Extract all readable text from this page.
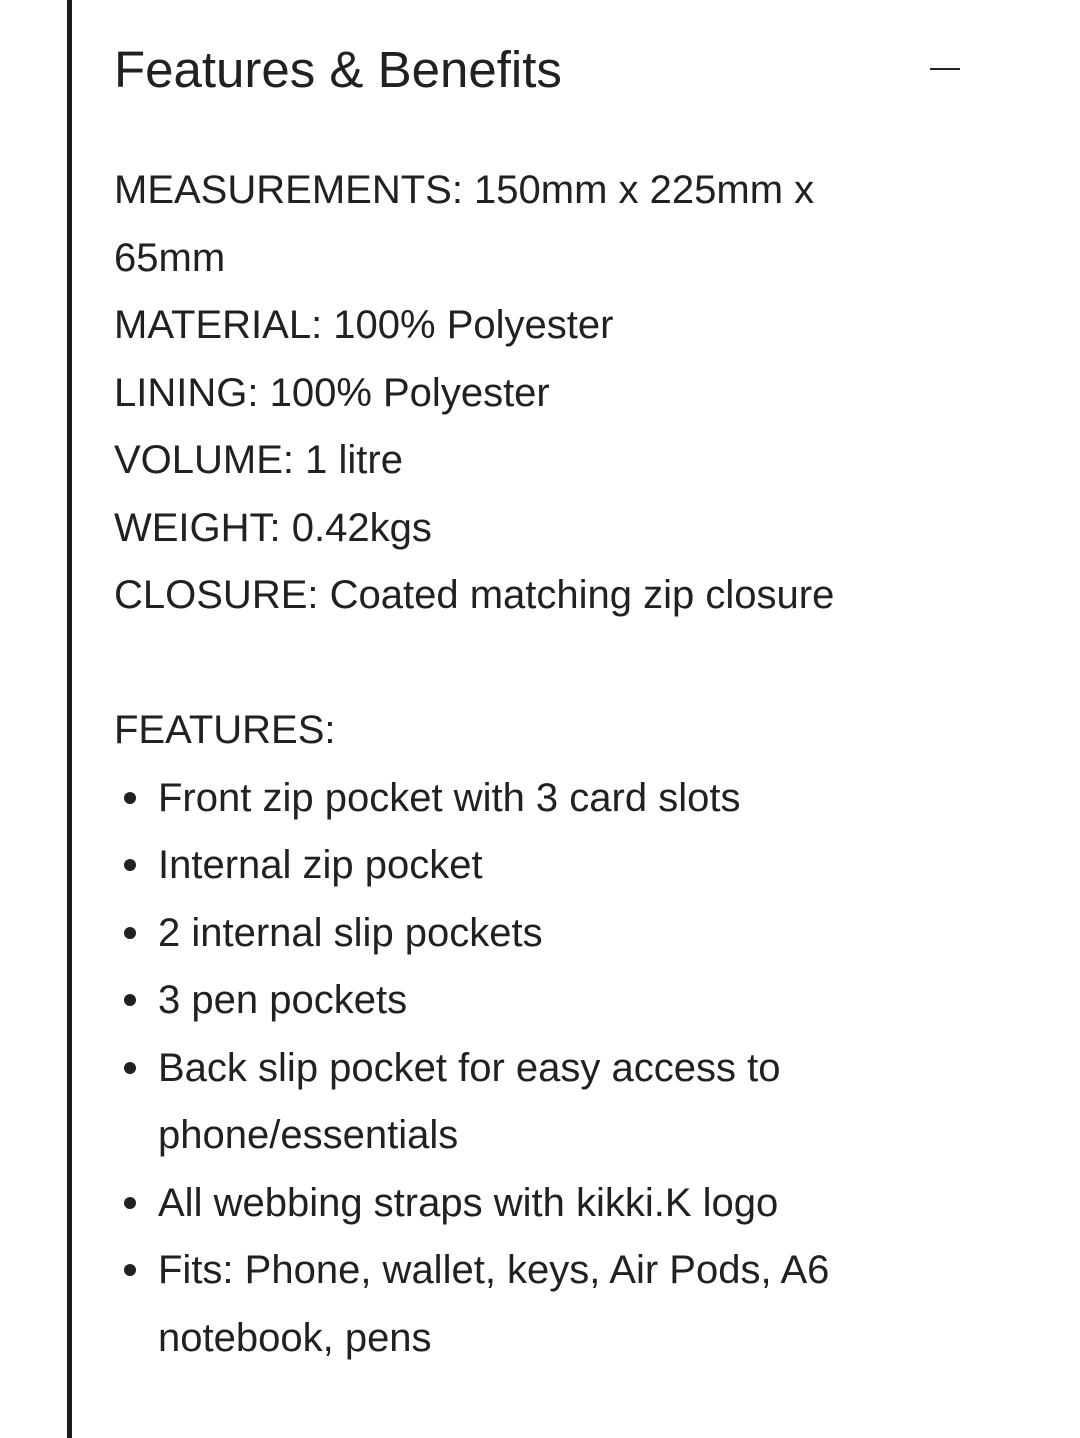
Features & Benefits

MEASUREMENTS: 150mm x 225mm x 65mm

MATERIAL: 100% Polyester

LINING: 100% Polyester

VOLUME: 1 litre

WEIGHT: 0.42kgs

CLOSURE: Coated matching zip closure

FEATURES:

Front zip pocket with 3 card slots
Internal zip pocket
2 internal slip pockets
3 pen pockets
Back slip pocket for easy access to phone/essentials
All webbing straps with kikki.K logo
Fits: Phone, wallet, keys, Air Pods, A6 notebook, pens
